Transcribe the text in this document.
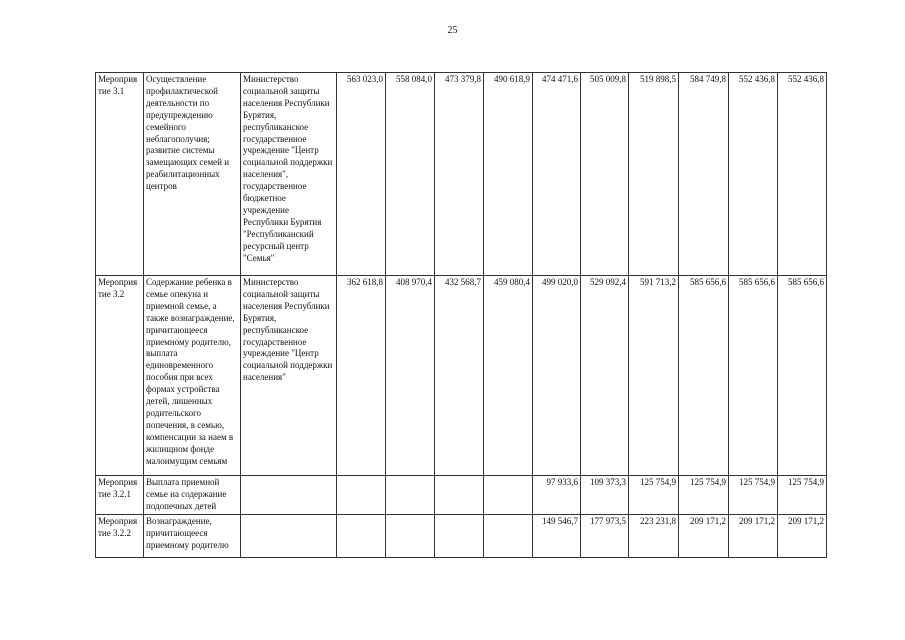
25
Мероприятие 3.1	Осуществление профилактической деятельности по предупреждению семейного неблагополучия; развитие системы замещающих семей и реабилитационных центров	Министерство социальной защиты населения Республики Бурятия, республиканское государственное учреждение "Центр социальной поддержки населения", государственное бюджетное учреждение Республики Бурятия "Республиканский ресурсный центр "Семья"	563 023,0	558 084,0	473 379,8	490 618,9	474 471,6	505 009,8	519 898,5	584 749,8	552 436,8	552 436,8
Мероприятие 3.2	Содержание ребенка в семье опекуна и приемной семье, а также вознаграждение, причитающееся приемному родителю, выплата единовременного пособия при всех формах устройства детей, лишенных родительского попечения, в семью, компенсации за наем в жилищном фонде малоимущим семьям	Министерство социальной защиты населения Республики Бурятия, республиканское государственное учреждение "Центр социальной поддержки населения"	362 618,8	408 970,4	432 568,7	459 080,4	499 020,0	529 092,4	591 713,2	585 656,6	585 656,6	585 656,6
Мероприятие 3.2.1	Выплата приемной семье на содержание подопечных детей						97 933,6	109 373,3	125 754,9	125 754,9	125 754,9	125 754,9
Мероприятие 3.2.2	Вознаграждение, причитающееся приемному родителю						149 546,7	177 973,5	223 231,8	209 171,2	209 171,2	209 171,2
